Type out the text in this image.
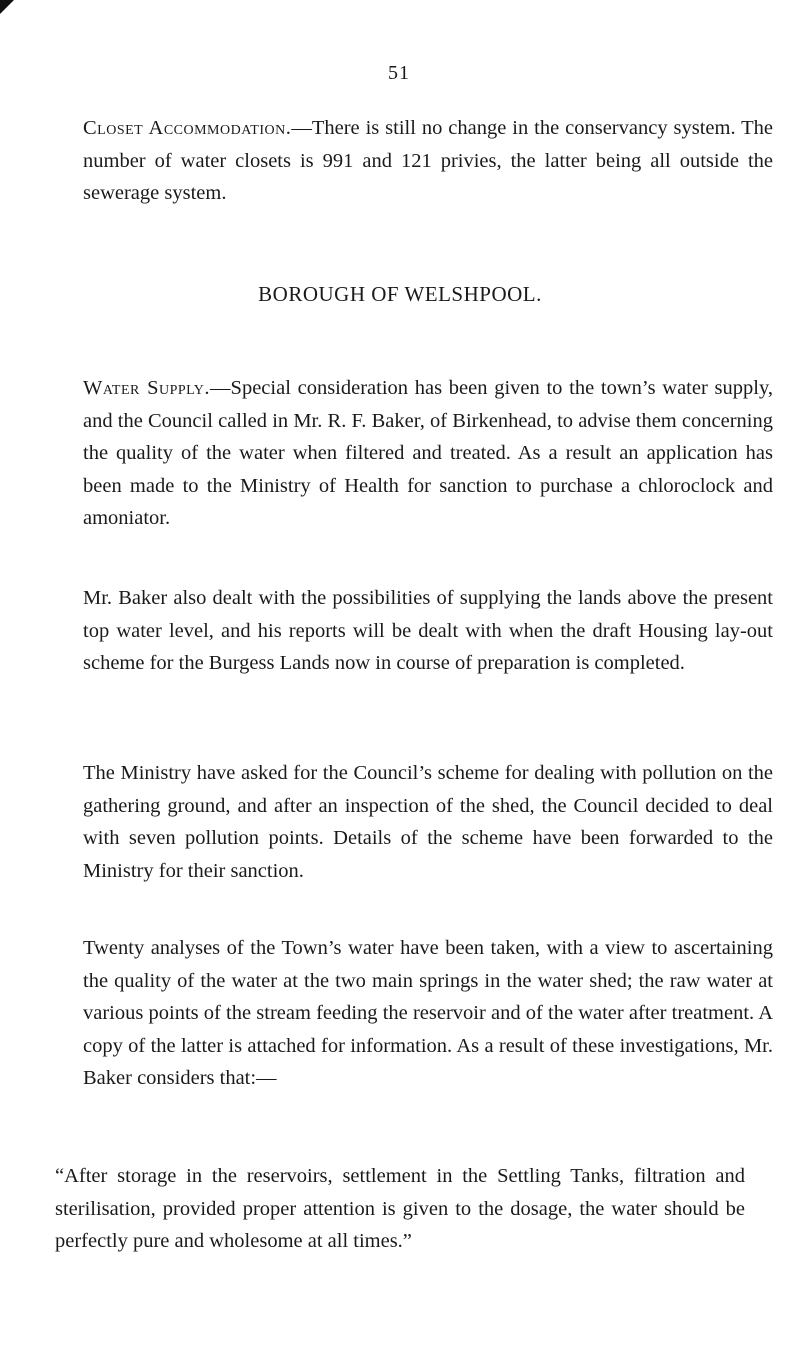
51

Closet Accommodation.—There is still no change in the conservancy system. The number of water closets is 991 and 121 privies, the latter being all outside the sewerage system.

BOROUGH OF WELSHPOOL.

Water Supply.—Special consideration has been given to the town’s water supply, and the Council called in Mr. R. F. Baker, of Birkenhead, to advise them concerning the quality of the water when filtered and treated. As a result an application has been made to the Ministry of Health for sanction to purchase a chloroclock and amoniator.

Mr. Baker also dealt with the possibilities of supplying the lands above the present top water level, and his reports will be dealt with when the draft Housing lay-out scheme for the Burgess Lands now in course of preparation is completed.

The Ministry have asked for the Council’s scheme for dealing with pollution on the gathering ground, and after an inspection of the shed, the Council decided to deal with seven pollution points. Details of the scheme have been forwarded to the Ministry for their sanction.

Twenty analyses of the Town’s water have been taken, with a view to ascertaining the quality of the water at the two main springs in the water shed; the raw water at various points of the stream feeding the reservoir and of the water after treatment. A copy of the latter is attached for information. As a result of these investigations, Mr. Baker considers that:—

“After storage in the reservoirs, settlement in the Settling Tanks, filtration and sterilisation, provided proper attention is given to the dosage, the water should be perfectly pure and wholesome at all times.”
